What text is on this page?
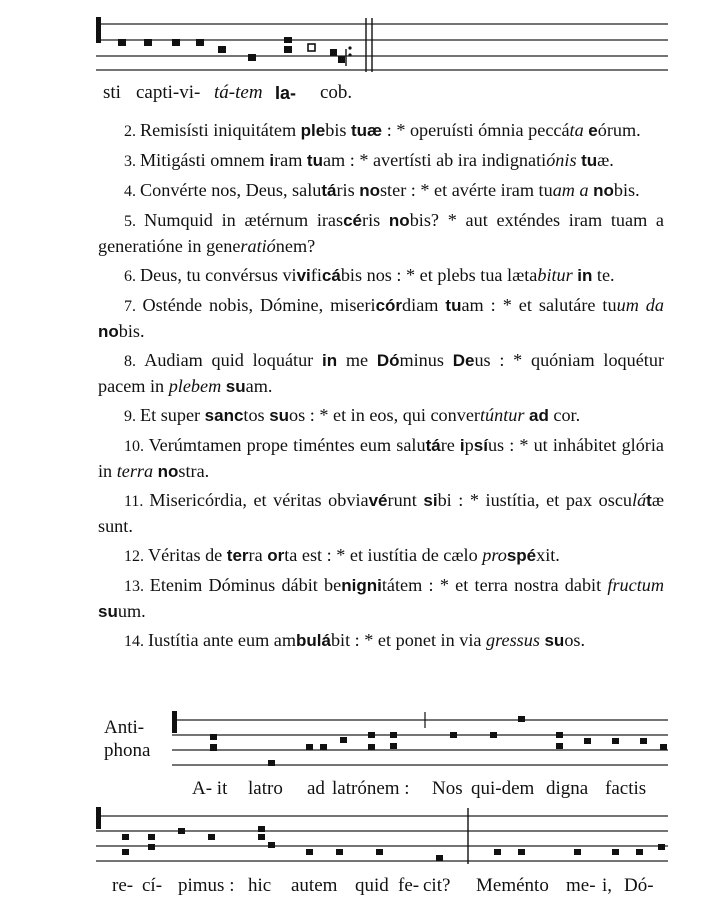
sti capti-vi- tá-tem Ia- cob.
2. Remisísti iniquitátem plebis tuæ : * operuísti ómnia peccáta eórum.
3. Mitigásti omnem iram tuam : * avertísti ab ira indignatiónis tuæ.
4. Convérte nos, Deus, salutáris noster : * et avérte iram tuam a nobis.
5. Numquid in ætérnum irascéris nobis? * aut exténdes iram tuam a generatióne in generatiónem?
6. Deus, tu convérsus vivificábis nos : * et plebs tua lætabitur in te.
7. Osténde nobis, Dómine, misericórdiam tuam : * et salutáre tuum da nobis.
8. Audiam quid loquátur in me Dóminus Deus : * quóniam loquétur pacem in plebem suam.
9. Et super sanctos suos : * et in eos, qui convertúntur ad cor.
10. Verúmtamen prope timéntes eum salutáre ipsíus : * ut inhábitet glória in terra nostra.
11. Misericórdia, et véritas obviavérunt sibi : * iustítia, et pax osculátæ sunt.
12. Véritas de terra orta est : * et iustítia de cælo prospéxit.
13. Etenim Dóminus dábit benignitátem : * et terra nostra dabit fructum suum.
14. Iustítia ante eum ambulábit : * et ponet in via gressus suos.
Anti-
phona
A- it latro ad latrónem : Nos qui-dem digna factis
re- cí- pimus : hic autem quid fe- cit? Meménto me- i, Dó-
